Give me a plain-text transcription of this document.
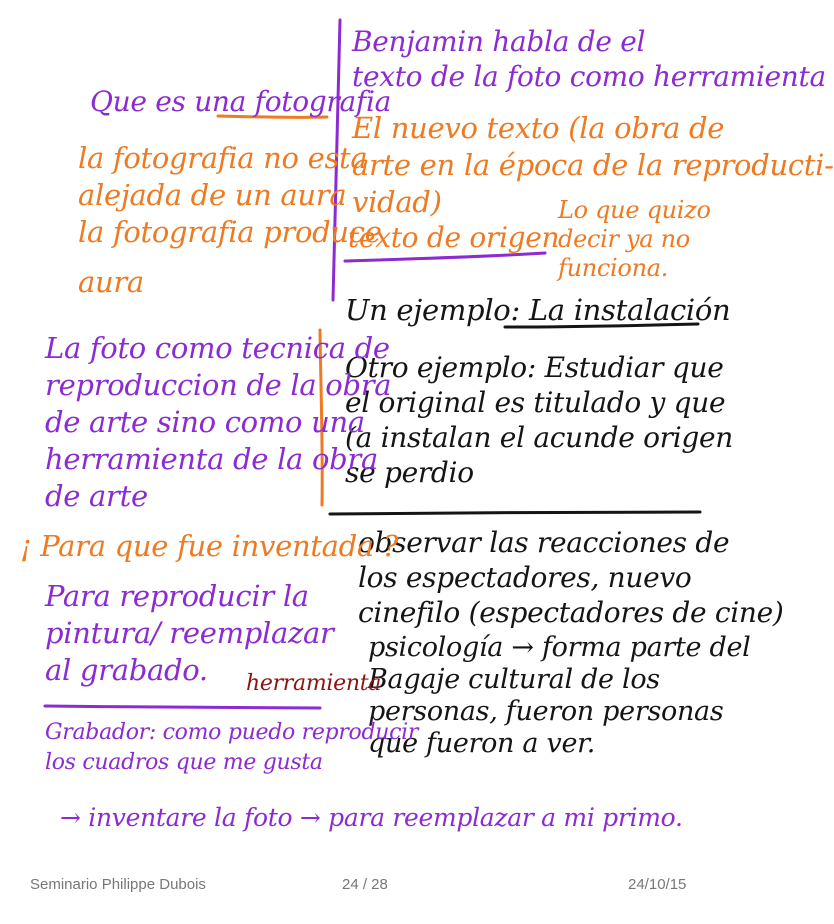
Benjamin habla de el
texto de la foto como herramienta

El nuevo texto (la obra de
arte en la época de la reproducti-
vidad)

texto de origen

Lo que quizo
decir ya no
funciona.

Que es una fotografia

la fotografia no esta
alejada de un aura
la fotografia produce

aura

Un ejemplo: La instalación

Otro ejemplo: Estudiar que
el original es titulado y que
(a instalan el acunde origen
se perdio

La foto como tecnica de
reproduccion de la obra
de arte sino como una
herramienta de la obra
de arte

observar las reacciones de
los espectadores, nuevo
cinefilo (espectadores de cine)

psicología → forma parte del
Bagaje cultural de los
personas, fueron personas
que fueron a ver.

¡ Para que fue inventada ?

Para reproducir la
pintura/ reemplazar
al grabado.	herramienta

Grabador: como puedo reproducir
los cuadros que me gusta

→ inventare la foto → para reemplazar a mi primo.

Seminario Philippe Dubois	24 / 28	24/10/15
